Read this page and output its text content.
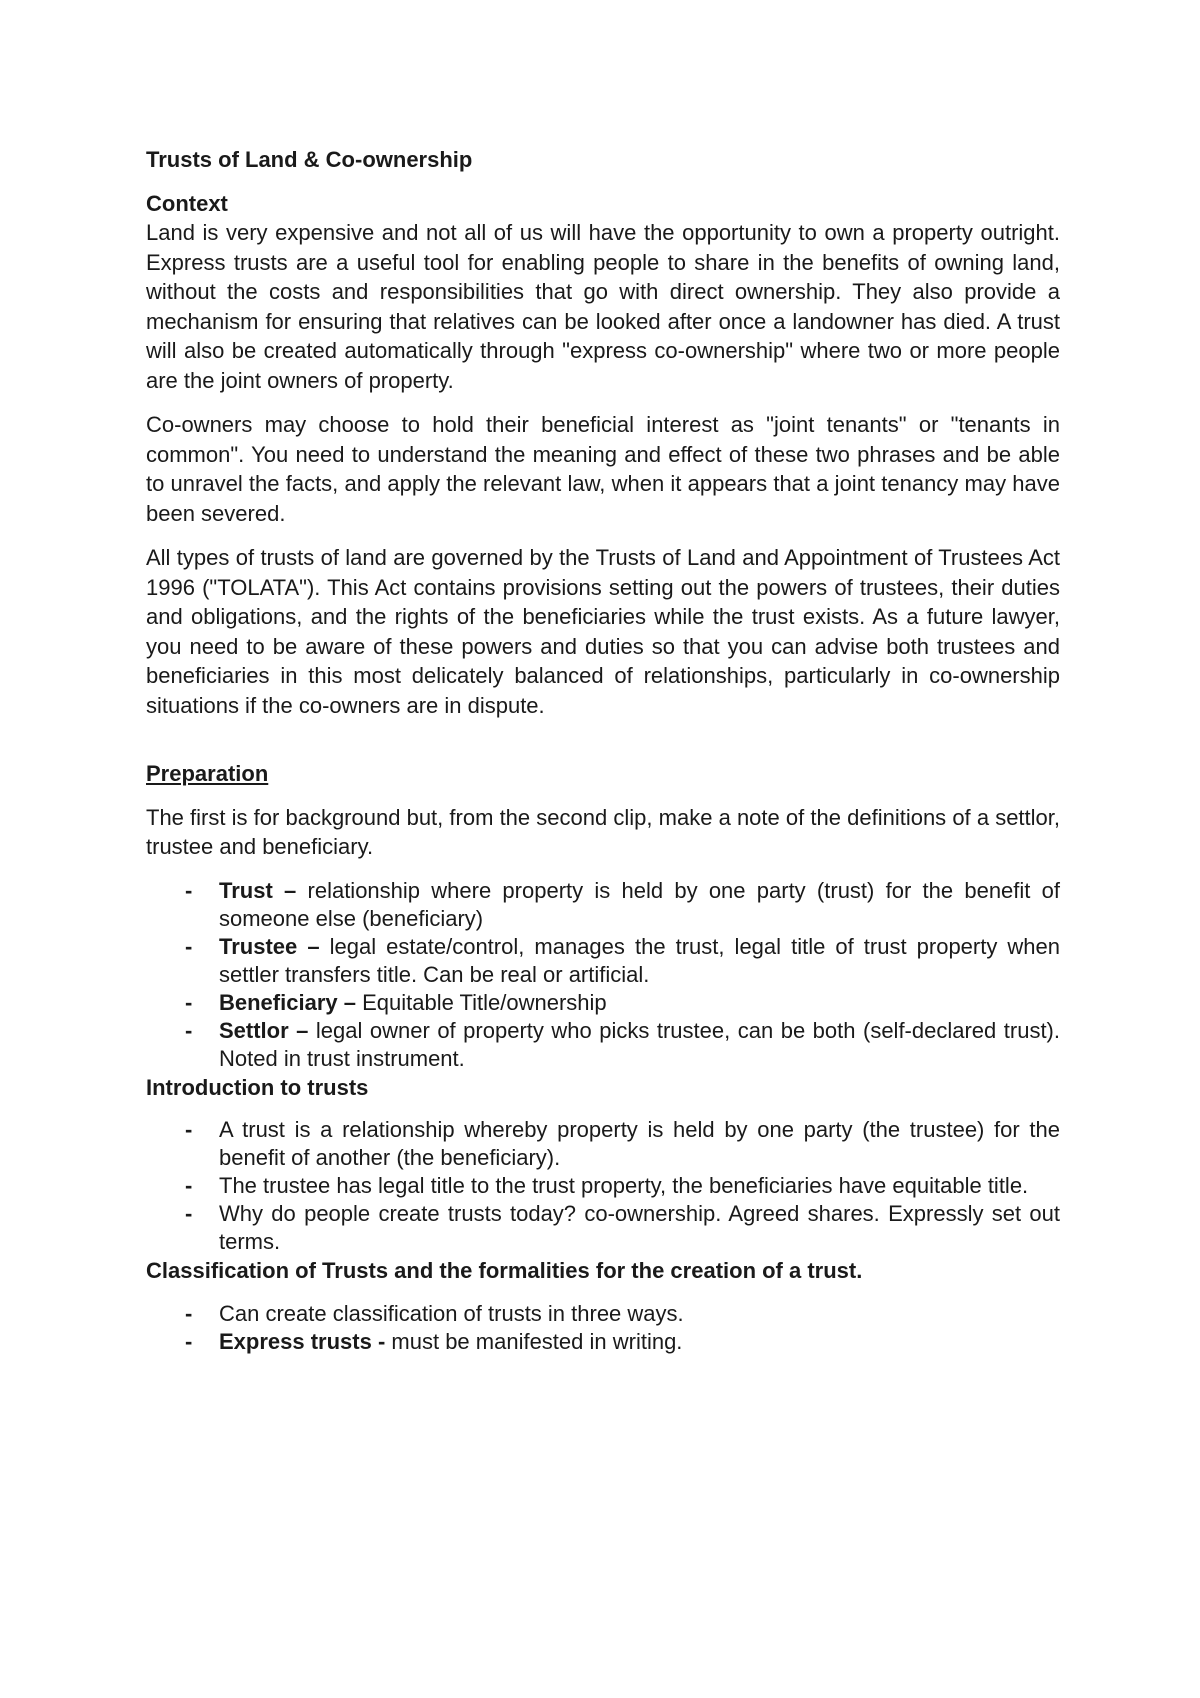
Trusts of Land & Co-ownership

Context

Land is very expensive and not all of us will have the opportunity to own a property outright. Express trusts are a useful tool for enabling people to share in the benefits of owning land, without the costs and responsibilities that go with direct ownership. They also provide a mechanism for ensuring that relatives can be looked after once a landowner has died. A trust will also be created automatically through "express co-ownership" where two or more people are the joint owners of property.

Co-owners may choose to hold their beneficial interest as "joint tenants" or "tenants in common". You need to understand the meaning and effect of these two phrases and be able to unravel the facts, and apply the relevant law, when it appears that a joint tenancy may have been severed.

All types of trusts of land are governed by the Trusts of Land and Appointment of Trustees Act 1996 ("TOLATA"). This Act contains provisions setting out the powers of trustees, their duties and obligations, and the rights of the beneficiaries while the trust exists. As a future lawyer, you need to be aware of these powers and duties so that you can advise both trustees and beneficiaries in this most delicately balanced of relationships, particularly in co-ownership situations if the co-owners are in dispute.

Preparation

The first is for background but, from the second clip, make a note of the definitions of a settlor, trustee and beneficiary.

- Trust – relationship where property is held by one party (trust) for the benefit of someone else (beneficiary)
- Trustee – legal estate/control, manages the trust, legal title of trust property when settler transfers title. Can be real or artificial.
- Beneficiary – Equitable Title/ownership
- Settlor – legal owner of property who picks trustee, can be both (self-declared trust). Noted in trust instrument.

Introduction to trusts

- A trust is a relationship whereby property is held by one party (the trustee) for the benefit of another (the beneficiary).
- The trustee has legal title to the trust property, the beneficiaries have equitable title.
- Why do people create trusts today? co-ownership. Agreed shares. Expressly set out terms.

Classification of Trusts and the formalities for the creation of a trust.

- Can create classification of trusts in three ways.
- Express trusts - must be manifested in writing.
